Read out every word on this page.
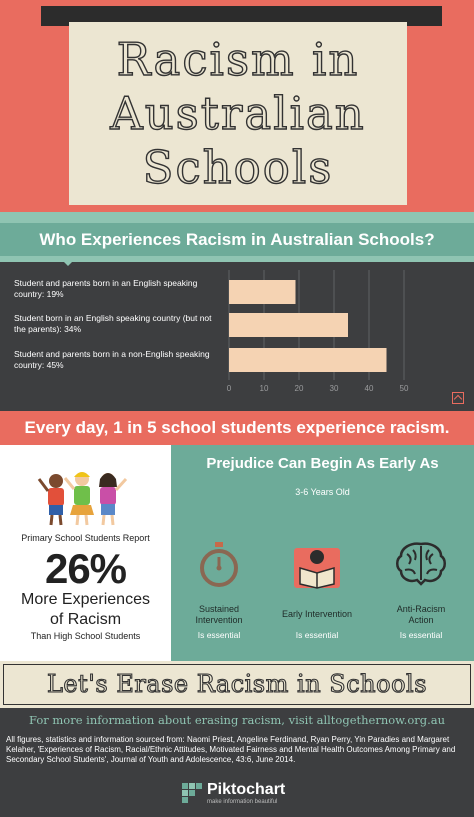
Racism in
Australian
Schools
Who Experiences Racism in Australian Schools?
0	10	20	30	40	50
Student and parents born in an English speaking country: 19%
Student born in an English speaking country (but not the parents): 34%
Student and parents born in a non-English speaking country: 45%
Every day, 1 in 5 school students experience racism.
Primary School Students Report
26%
More Experiences
of Racism
Than High School Students
Prejudice Can Begin As Early As
3-6 Years Old
Sustained
Intervention
Is essential
Early Intervention
Is essential
Anti-Racism
Action
Is essential
Let's Erase Racism in Schools
For more information about erasing racism, visit alltogethernow.org.au
All figures, statistics and information sourced from: Naomi Priest, Angeline Ferdinand, Ryan Perry, Yin Paradies and Margaret Kelaher, 'Experiences of Racism, Racial/Ethnic Attitudes, Motivated Fairness and Mental Health Outcomes Among Primary and Secondary School Students', Journal of Youth and Adolescence, 43:6, June 2014.
Piktochart
make information beautiful
